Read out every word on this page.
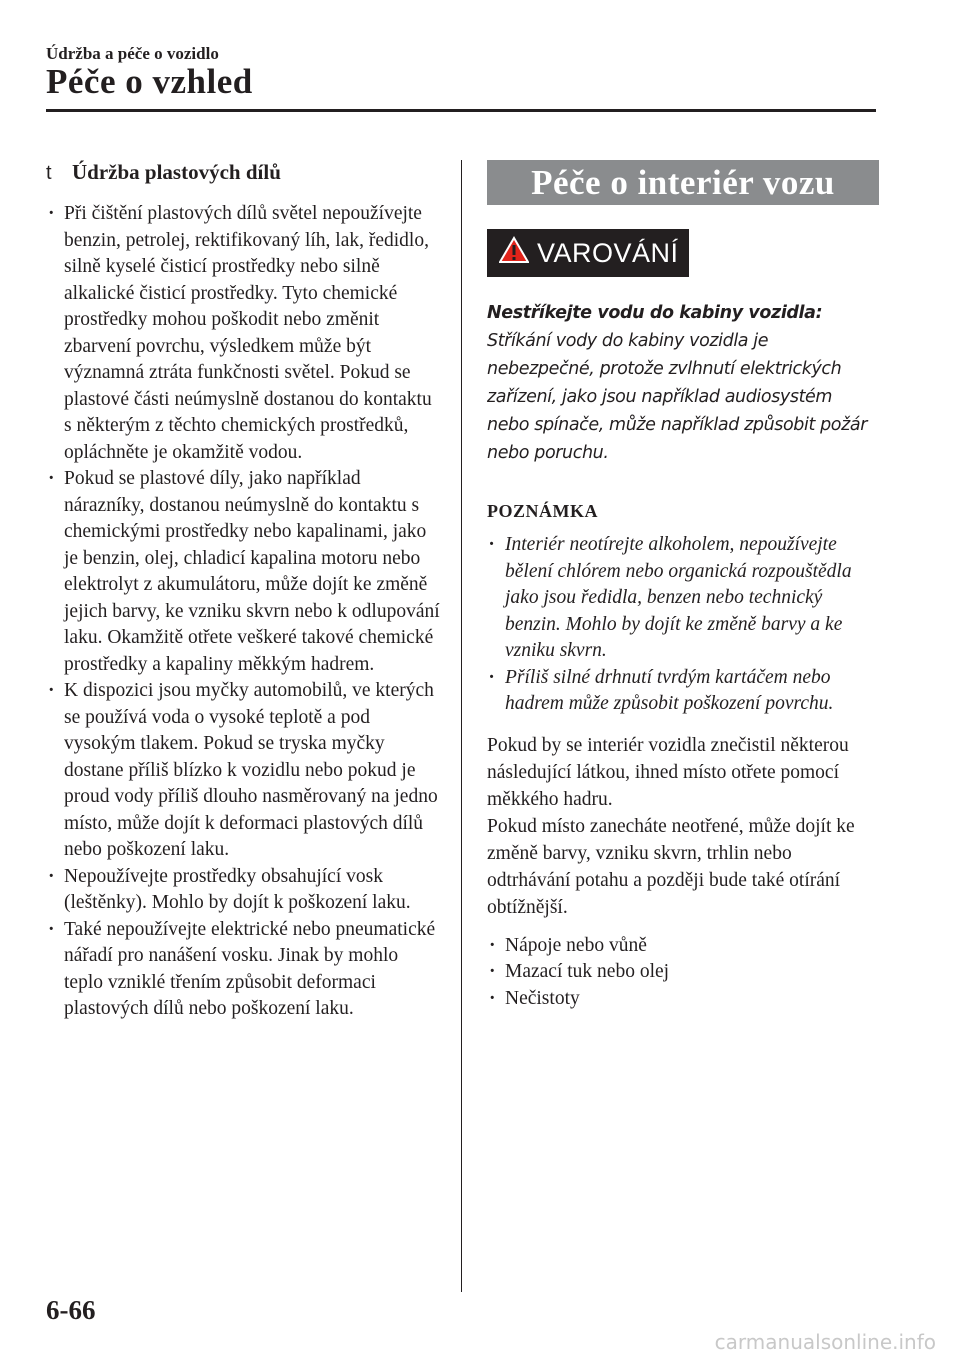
Údržba a péče o vozidlo
Péče o vzhled
t Údržba plastových dílů
· Při čištění plastových dílů světel nepoužívejte benzin, petrolej, rektifikovaný líh, lak, ředidlo, silně kyselé čisticí prostředky nebo silně alkalické čisticí prostředky. Tyto chemické prostředky mohou poškodit nebo změnit zbarvení povrchu, výsledkem může být významná ztráta funkčnosti světel. Pokud se plastové části neúmyslně dostanou do kontaktu s některým z těchto chemických prostředků, opláchněte je okamžitě vodou.
· Pokud se plastové díly, jako například nárazníky, dostanou neúmyslně do kontaktu s chemickými prostředky nebo kapalinami, jako je benzin, olej, chladicí kapalina motoru nebo elektrolyt z akumulátoru, může dojít ke změně jejich barvy, ke vzniku skvrn nebo k odlupování laku. Okamžitě otřete veškeré takové chemické prostředky a kapaliny měkkým hadrem.
· K dispozici jsou myčky automobilů, ve kterých se používá voda o vysoké teplotě a pod vysokým tlakem. Pokud se tryska myčky dostane příliš blízko k vozidlu nebo pokud je proud vody příliš dlouho nasměrovaný na jedno místo, může dojít k deformaci plastových dílů nebo poškození laku.
· Nepoužívejte prostředky obsahující vosk (leštěnky). Mohlo by dojít k poškození laku.
· Také nepoužívejte elektrické nebo pneumatické nářadí pro nanášení vosku. Jinak by mohlo teplo vzniklé třením způsobit deformaci plastových dílů nebo poškození laku.
Péče o interiér vozu
VAROVÁNÍ
Nestříkejte vodu do kabiny vozidla:
Stříkání vody do kabiny vozidla je nebezpečné, protože zvlhnutí elektrických zařízení, jako jsou například audiosystém nebo spínače, může například způsobit požár nebo poruchu.
POZNÁMKA
· Interiér neotírejte alkoholem, nepoužívejte bělení chlórem nebo organická rozpouštědla jako jsou ředidla, benzen nebo technický benzin. Mohlo by dojít ke změně barvy a ke vzniku skvrn.
· Příliš silné drhnutí tvrdým kartáčem nebo hadrem může způsobit poškození povrchu.
Pokud by se interiér vozidla znečistil některou následující látkou, ihned místo otřete pomocí měkkého hadru.
Pokud místo zanecháte neotřené, může dojít ke změně barvy, vzniku skvrn, trhlin nebo odtrhávání potahu a později bude také otírání obtížnější.
· Nápoje nebo vůně
· Mazací tuk nebo olej
· Nečistoty
6-66
carmanualsonline.info
